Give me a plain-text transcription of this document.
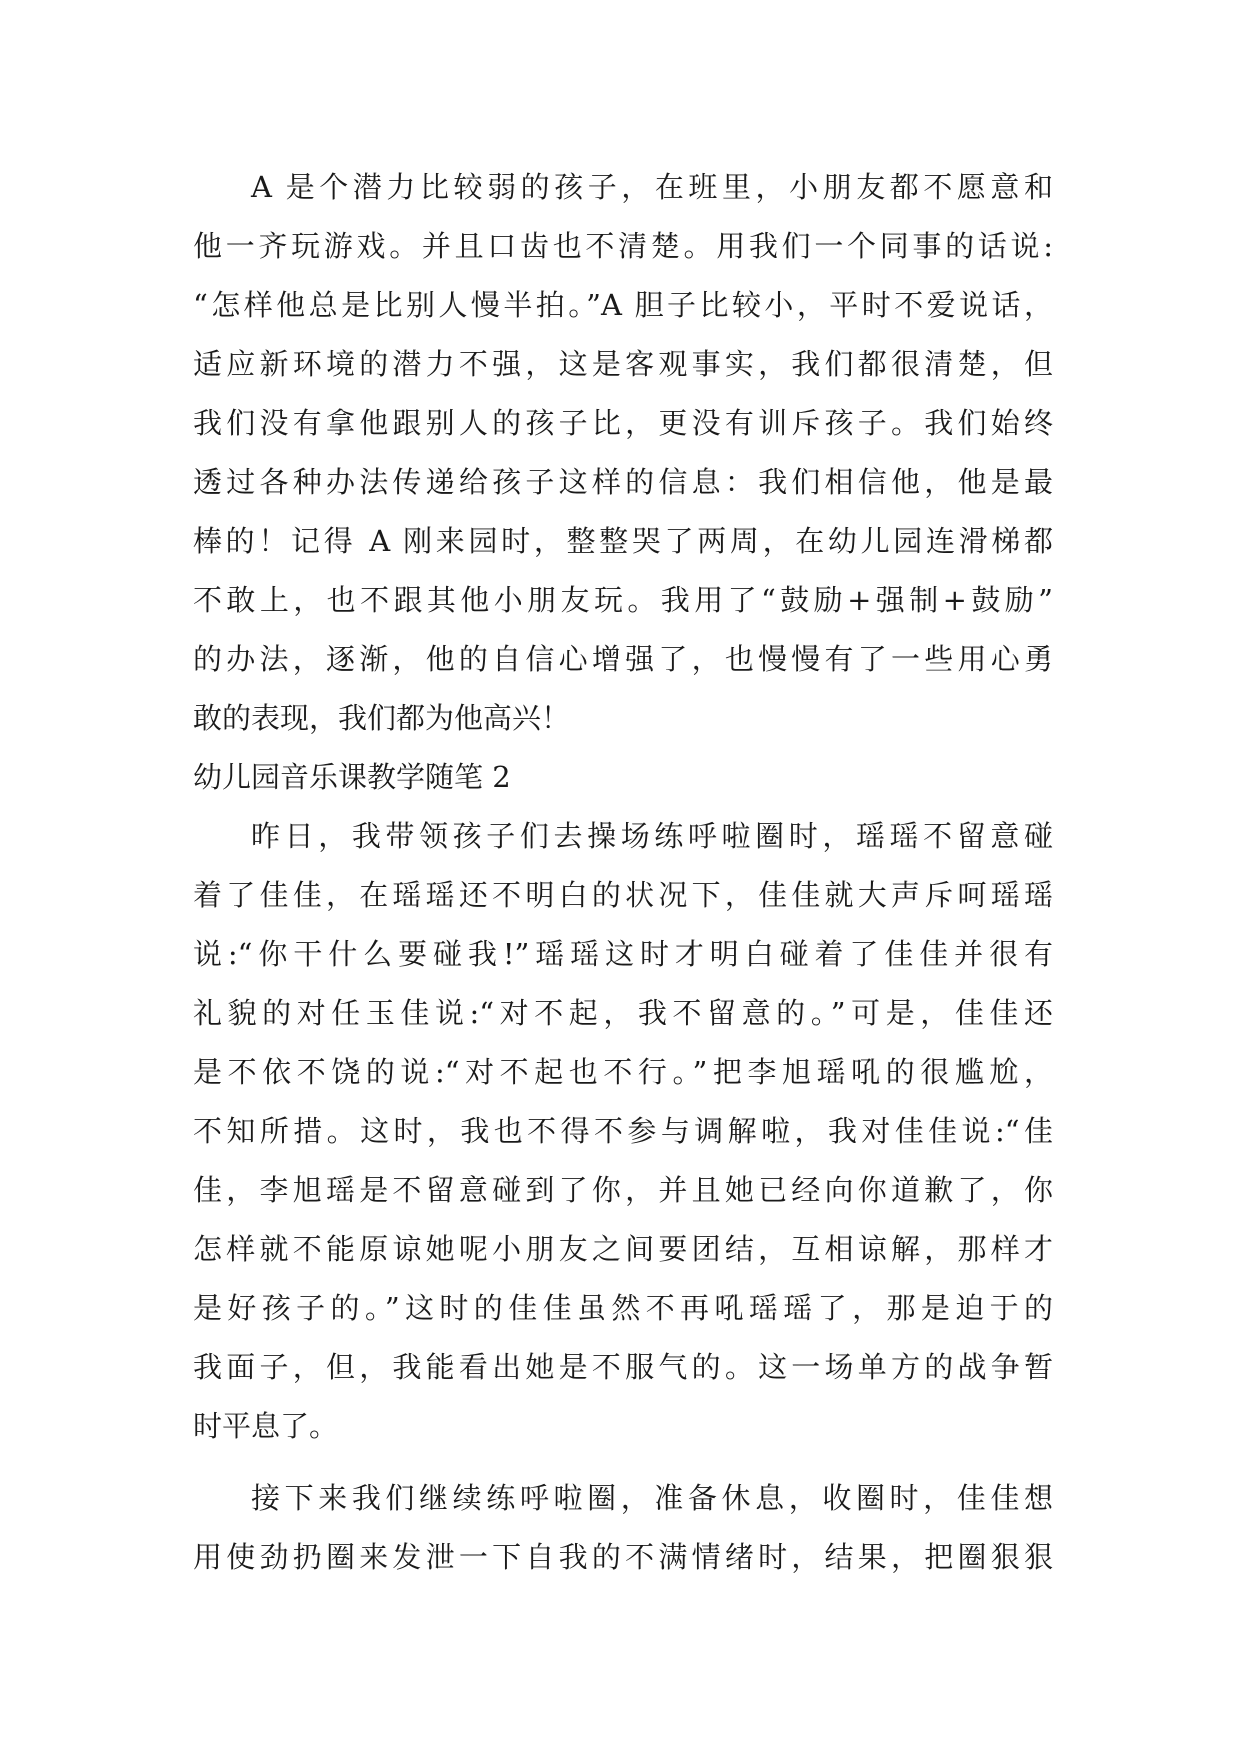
A 是个潜力比较弱的孩子，在班里，小朋友都不愿意和
他一齐玩游戏。并且口齿也不清楚。用我们一个同事的话说:
“怎样他总是比别人慢半拍。”A 胆子比较小，平时不爱说话，
适应新环境的潜力不强，这是客观事实，我们都很清楚，但
我们没有拿他跟别人的孩子比，更没有训斥孩子。我们始终
透过各种办法传递给孩子这样的信息：我们相信他，他是最
棒的！记得 A 刚来园时，整整哭了两周，在幼儿园连滑梯都
不敢上，也不跟其他小朋友玩。我用了“鼓励+强制+鼓励”
的办法，逐渐，他的自信心增强了，也慢慢有了一些用心勇
敢的表现，我们都为他高兴！
幼儿园音乐课教学随笔 2
昨日，我带领孩子们去操场练呼啦圈时，瑶瑶不留意碰
着了佳佳，在瑶瑶还不明白的状况下，佳佳就大声斥呵瑶瑶
说:“你干什么要碰我!”瑶瑶这时才明白碰着了佳佳并很有
礼貌的对任玉佳说:“对不起，我不留意的。”可是，佳佳还
是不依不饶的说:“对不起也不行。”把李旭瑶吼的很尴尬，
不知所措。这时，我也不得不参与调解啦，我对佳佳说:“佳
佳，李旭瑶是不留意碰到了你，并且她已经向你道歉了，你
怎样就不能原谅她呢小朋友之间要团结，互相谅解，那样才
是好孩子的。”这时的佳佳虽然不再吼瑶瑶了，那是迫于的
我面子，但，我能看出她是不服气的。这一场单方的战争暂
时平息了。
接下来我们继续练呼啦圈，准备休息，收圈时，佳佳想
用使劲扔圈来发泄一下自我的不满情绪时，结果，把圈狠狠
